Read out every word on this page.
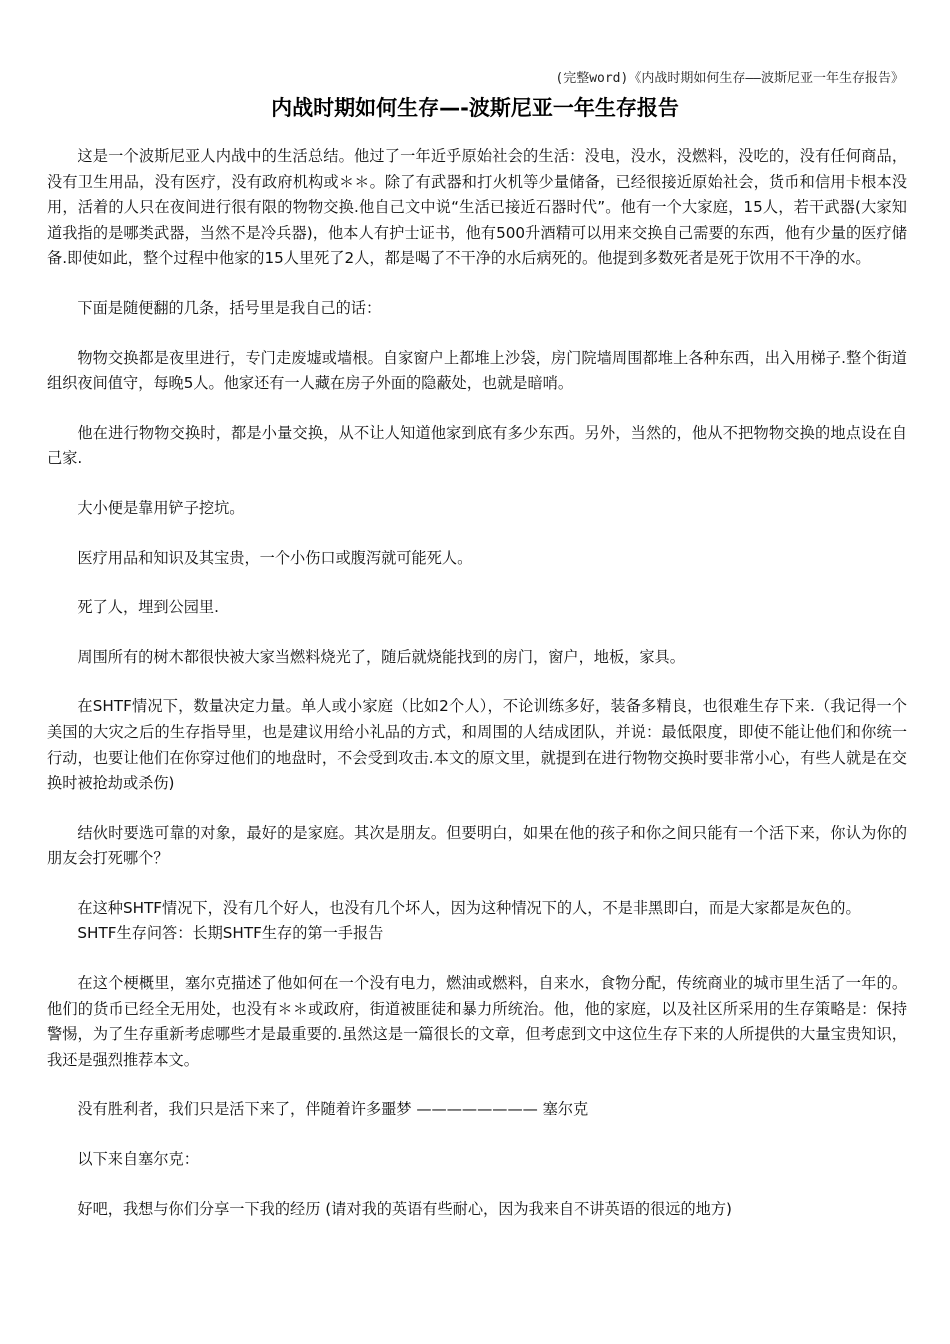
(完整word)《内战时期如何生存——波斯尼亚一年生存报告》
内战时期如何生存—-波斯尼亚一年生存报告

这是一个波斯尼亚人内战中的生活总结。他过了一年近乎原始社会的生活：没电，没水，没燃料，没吃的，没有任何商品，没有卫生用品，没有医疗，没有政府机构或＊＊。除了有武器和打火机等少量储备，已经很接近原始社会，货币和信用卡根本没用，活着的人只在夜间进行很有限的物物交换.他自己文中说“生活已接近石器时代”。他有一个大家庭，15人，若干武器(大家知道我指的是哪类武器，当然不是冷兵器)，他本人有护士证书，他有500升酒精可以用来交换自己需要的东西，他有少量的医疗储备.即使如此，整个过程中他家的15人里死了2人，都是喝了不干净的水后病死的。他提到多数死者是死于饮用不干净的水。

下面是随便翻的几条，括号里是我自己的话：

物物交换都是夜里进行，专门走废墟或墙根。自家窗户上都堆上沙袋，房门院墙周围都堆上各种东西，出入用梯子.整个街道组织夜间值守，每晚5人。他家还有一人藏在房子外面的隐蔽处，也就是暗哨。

他在进行物物交换时，都是小量交换，从不让人知道他家到底有多少东西。另外，当然的，他从不把物物交换的地点设在自己家.

大小便是靠用铲子挖坑。

医疗用品和知识及其宝贵，一个小伤口或腹泻就可能死人。

死了人，埋到公园里.

周围所有的树木都很快被大家当燃料烧光了，随后就烧能找到的房门，窗户，地板，家具。

在SHTF情况下，数量决定力量。单人或小家庭（比如2个人），不论训练多好，装备多精良，也很难生存下来.（我记得一个美国的大灾之后的生存指导里，也是建议用给小礼品的方式，和周围的人结成团队，并说：最低限度，即使不能让他们和你统一行动，也要让他们在你穿过他们的地盘时，不会受到攻击.本文的原文里，就提到在进行物物交换时要非常小心，有些人就是在交换时被抢劫或杀伤)

结伙时要选可靠的对象，最好的是家庭。其次是朋友。但要明白，如果在他的孩子和你之间只能有一个活下来，你认为你的朋友会打死哪个？

在这种SHTF情况下，没有几个好人，也没有几个坏人，因为这种情况下的人，不是非黑即白，而是大家都是灰色的。

SHTF生存问答：长期SHTF生存的第一手报告

在这个梗概里，塞尔克描述了他如何在一个没有电力，燃油或燃料，自来水，食物分配，传统商业的城市里生活了一年的。他们的货币已经全无用处，也没有＊＊或政府，街道被匪徒和暴力所统治。他，他的家庭，以及社区所采用的生存策略是：保持警惕，为了生存重新考虑哪些才是最重要的.虽然这是一篇很长的文章，但考虑到文中这位生存下来的人所提供的大量宝贵知识，我还是强烈推荐本文。

没有胜利者，我们只是活下来了，伴随着许多噩梦 ———————— 塞尔克

以下来自塞尔克：

好吧，我想与你们分享一下我的经历 (请对我的英语有些耐心，因为我来自不讲英语的很远的地方)
